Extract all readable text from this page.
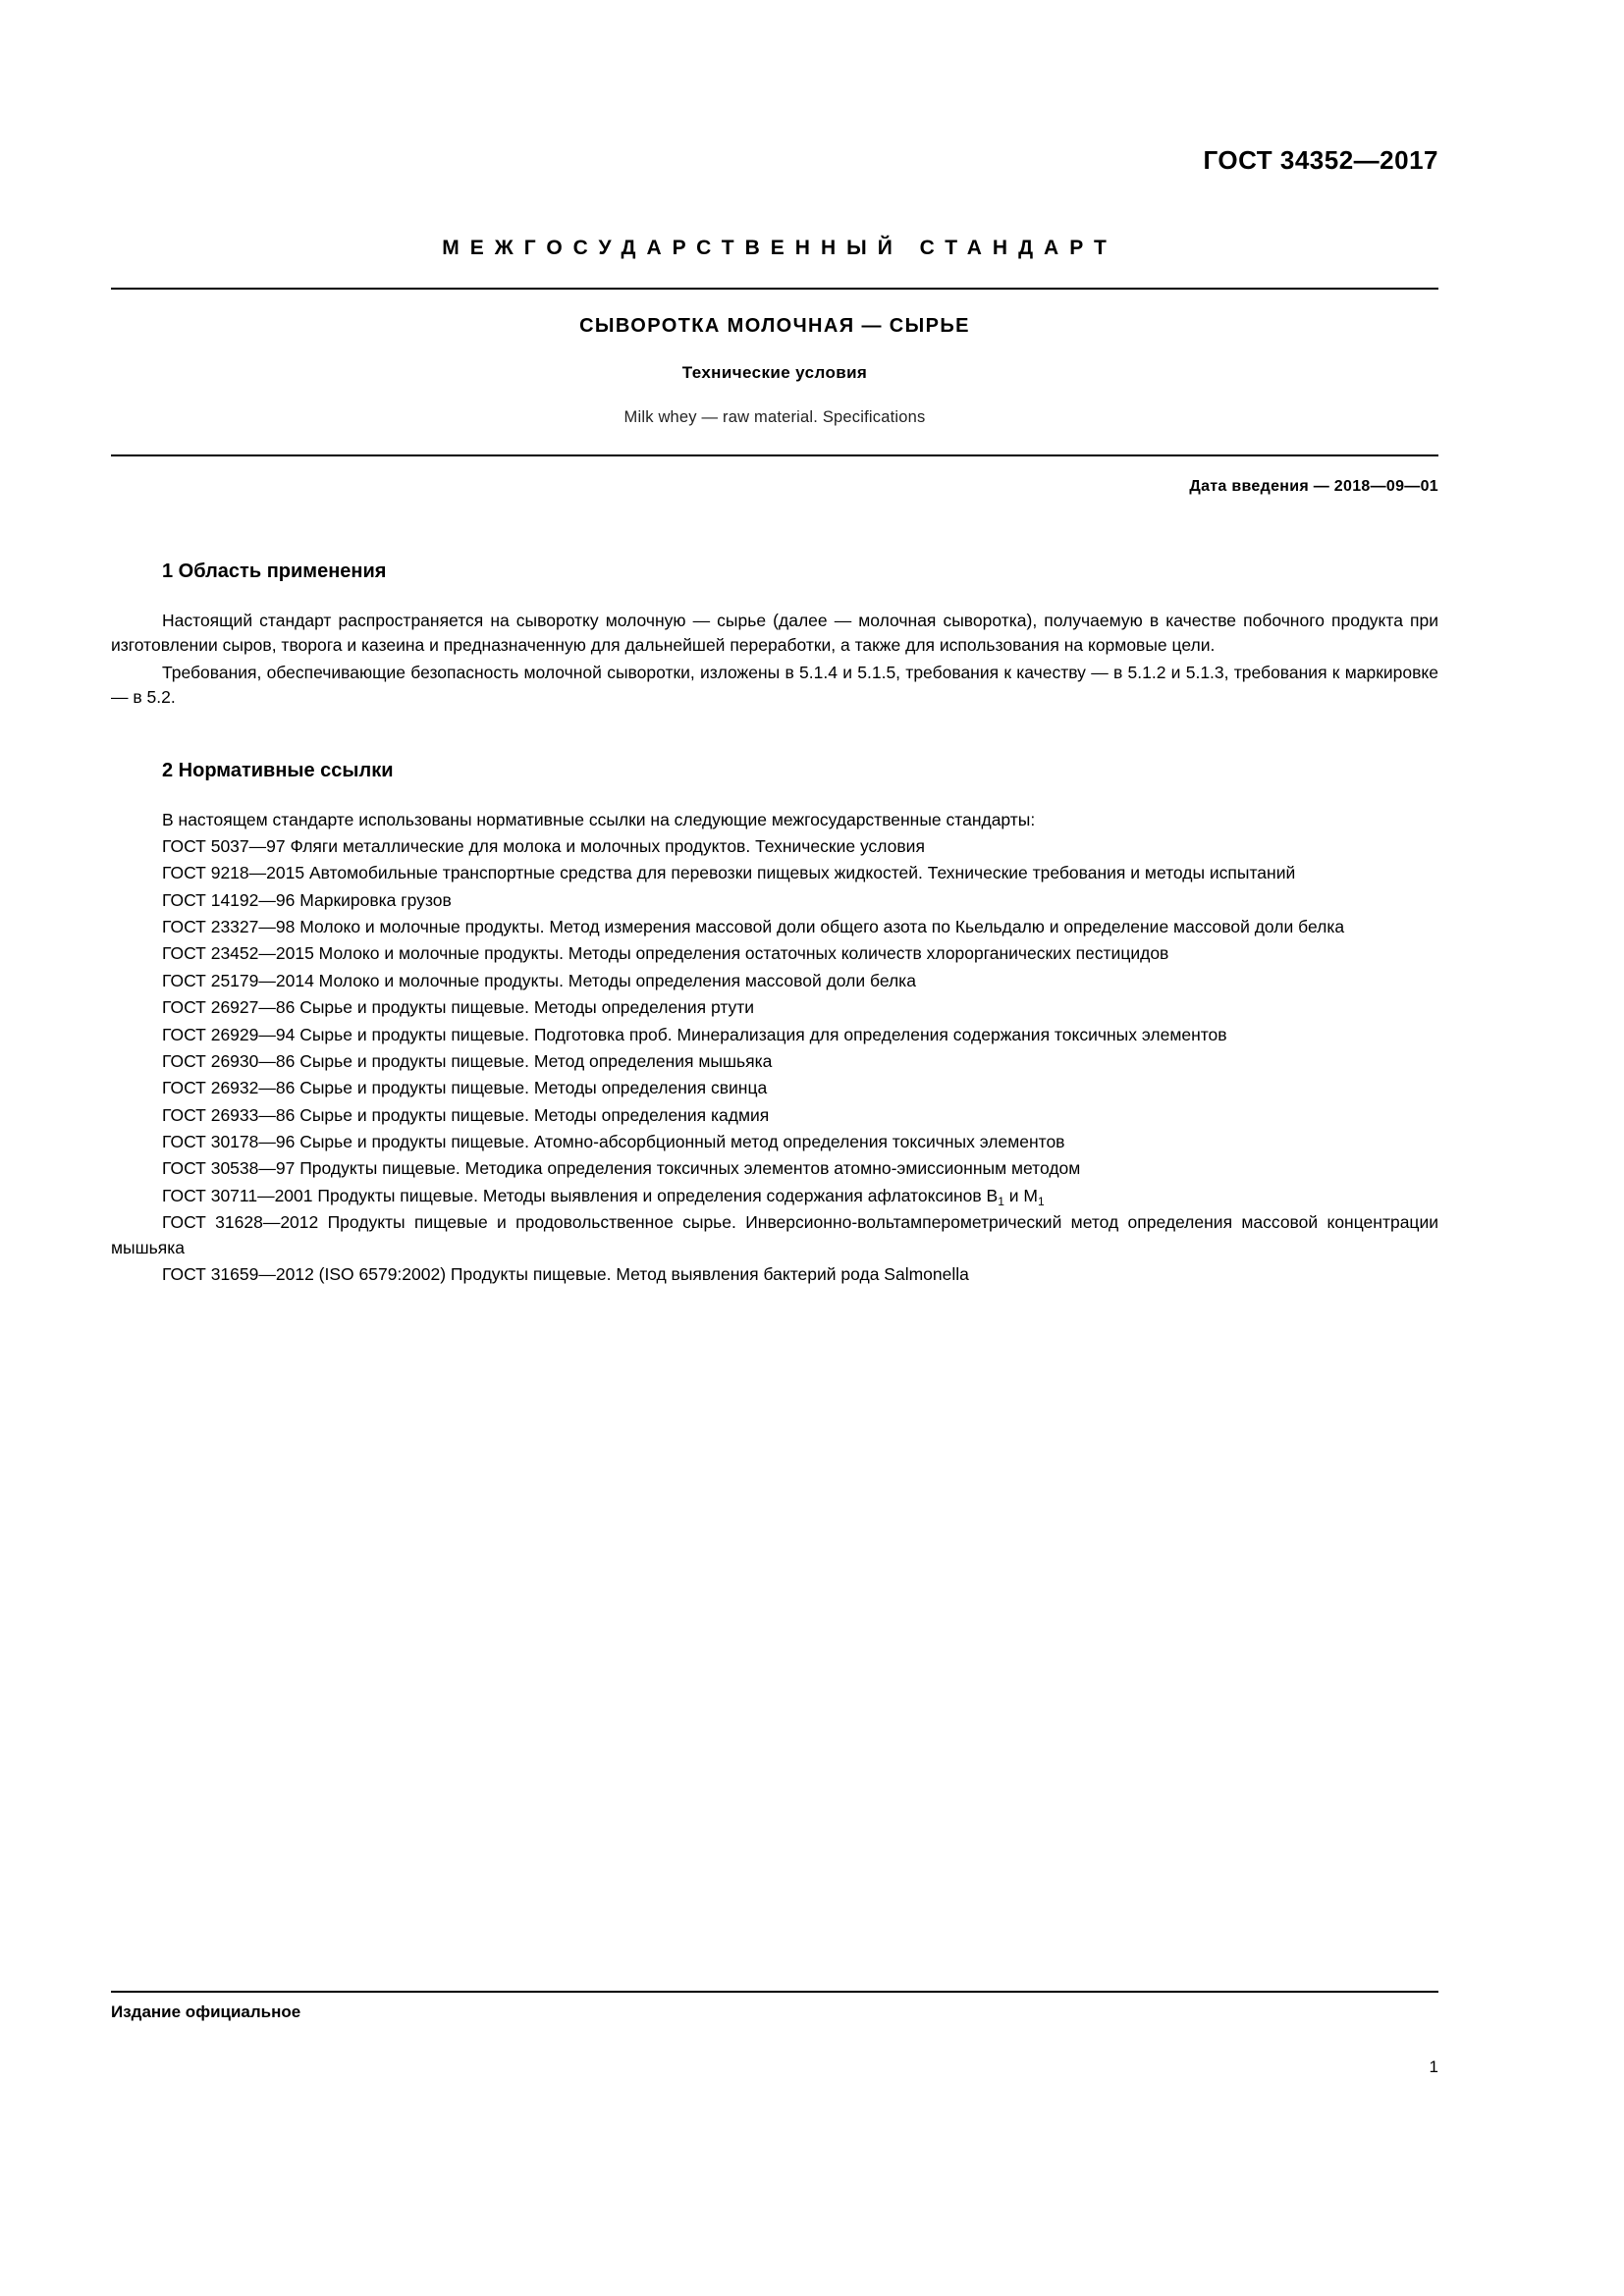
ГОСТ 34352—2017
МЕЖГОСУДАРСТВЕННЫЙ СТАНДАРТ
СЫВОРОТКА МОЛОЧНАЯ — СЫРЬЕ
Технические условия
Milk whey — raw material. Specifications
Дата введения — 2018—09—01
1 Область применения

Настоящий стандарт распространяется на сыворотку молочную — сырье (далее — молочная сыворотка), получаемую в качестве побочного продукта при изготовлении сыров, творога и казеина и предназначенную для дальнейшей переработки, а также для использования на кормовые цели.

Требования, обеспечивающие безопасность молочной сыворотки, изложены в 5.1.4 и 5.1.5, требования к качеству — в 5.1.2 и 5.1.3, требования к маркировке — в 5.2.

2 Нормативные ссылки

В настоящем стандарте использованы нормативные ссылки на следующие межгосударственные стандарты:

ГОСТ 5037—97 Фляги металлические для молока и молочных продуктов. Технические условия

ГОСТ 9218—2015 Автомобильные транспортные средства для перевозки пищевых жидкостей. Технические требования и методы испытаний

ГОСТ 14192—96 Маркировка грузов

ГОСТ 23327—98 Молоко и молочные продукты. Метод измерения массовой доли общего азота по Кьельдалю и определение массовой доли белка

ГОСТ 23452—2015 Молоко и молочные продукты. Методы определения остаточных количеств хлорорганических пестицидов

ГОСТ 25179—2014 Молоко и молочные продукты. Методы определения массовой доли белка

ГОСТ 26927—86 Сырье и продукты пищевые. Методы определения ртути

ГОСТ 26929—94 Сырье и продукты пищевые. Подготовка проб. Минерализация для определения содержания токсичных элементов

ГОСТ 26930—86 Сырье и продукты пищевые. Метод определения мышьяка

ГОСТ 26932—86 Сырье и продукты пищевые. Методы определения свинца

ГОСТ 26933—86 Сырье и продукты пищевые. Методы определения кадмия

ГОСТ 30178—96 Сырье и продукты пищевые. Атомно-абсорбционный метод определения токсичных элементов

ГОСТ 30538—97 Продукты пищевые. Методика определения токсичных элементов атомно-эмиссионным методом

ГОСТ 30711—2001 Продукты пищевые. Методы выявления и определения содержания афлатоксинов $В_1$ и $М_1$

ГОСТ 31628—2012 Продукты пищевые и продовольственное сырье. Инверсионно-вольтамперометрический метод определения массовой концентрации мышьяка

ГОСТ 31659—2012 (ISO 6579:2002) Продукты пищевые. Метод выявления бактерий рода Salmonella

Издание официальное
1
